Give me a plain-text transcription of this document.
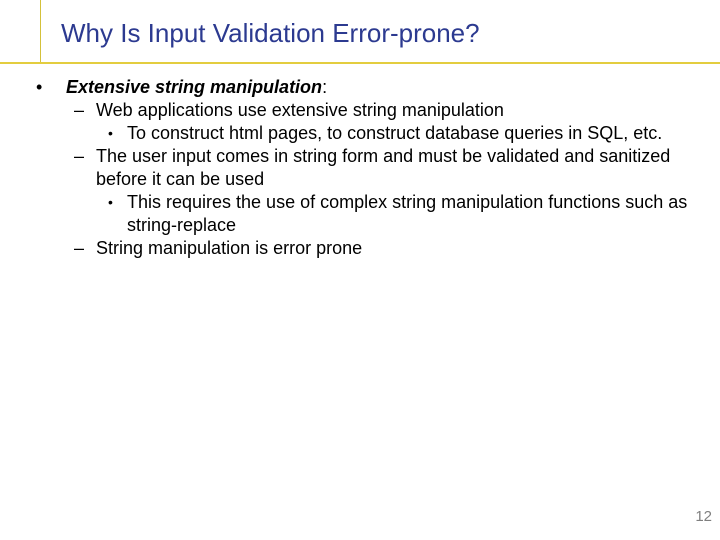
Why Is Input Validation Error-prone?
• Extensive string manipulation:
– Web applications use extensive string manipulation
• To construct html pages, to construct database queries in SQL, etc.
– The user input comes in string form and must be validated and sanitized before it can be used
• This requires the use of complex string manipulation functions such as string-replace
– String manipulation is error prone
12
